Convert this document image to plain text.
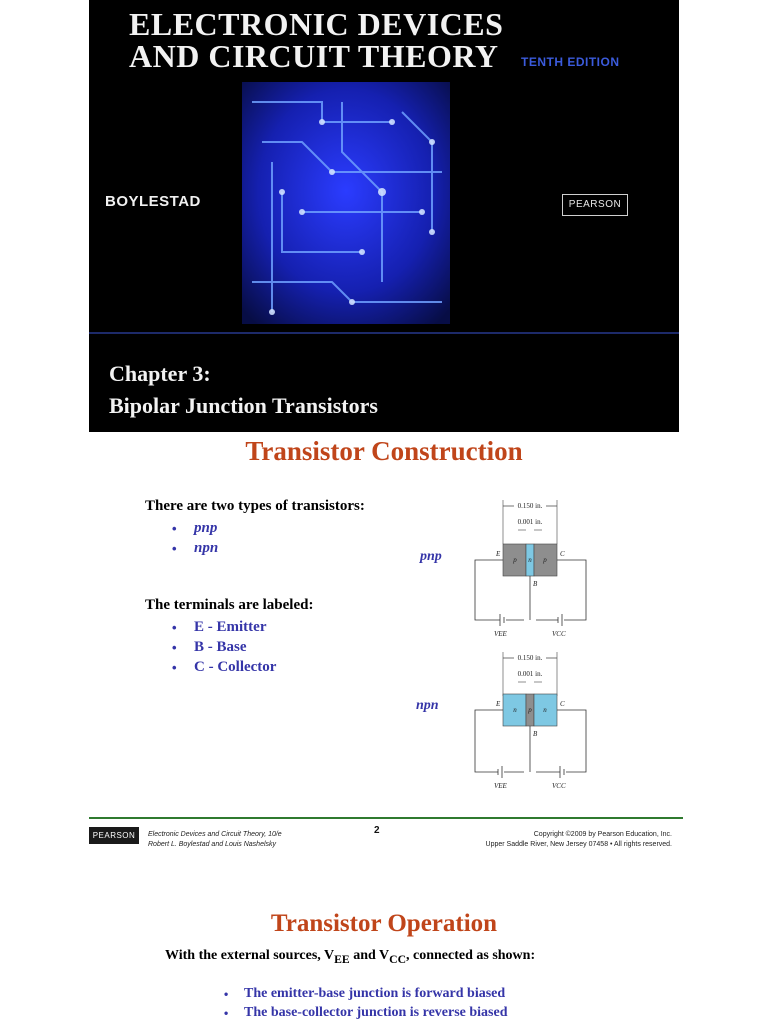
ELECTRONIC DEVICES
AND CIRCUIT THEORY TENTH EDITION
BOYLESTAD	PEARSON
Chapter 3:
Bipolar Junction Transistors
Transistor Construction
There are two types of transistors:
•	pnp
•	npn
The terminals are labeled:
•	E - Emitter
•	B - Base
•	C - Collector
pnp
0.150 in.
0.001 in.
p n p
E	C
B
VEE	VCC
npn
0.150 in.
0.001 in.
n p n
E	C
B
VEE	VCC
PEARSON	Electronic Devices and Circuit Theory, 10/e
Robert L. Boylestad and Louis Nashelsky
2	Copyright ©2009 by Pearson Education, Inc.
Upper Saddle River, New Jersey 07458 • All rights reserved.
Transistor Operation
With the external sources, $V_{EE}$ and $V_{CC}$, connected as shown:
•	The emitter-base junction is forward biased
•	The base-collector junction is reverse biased
